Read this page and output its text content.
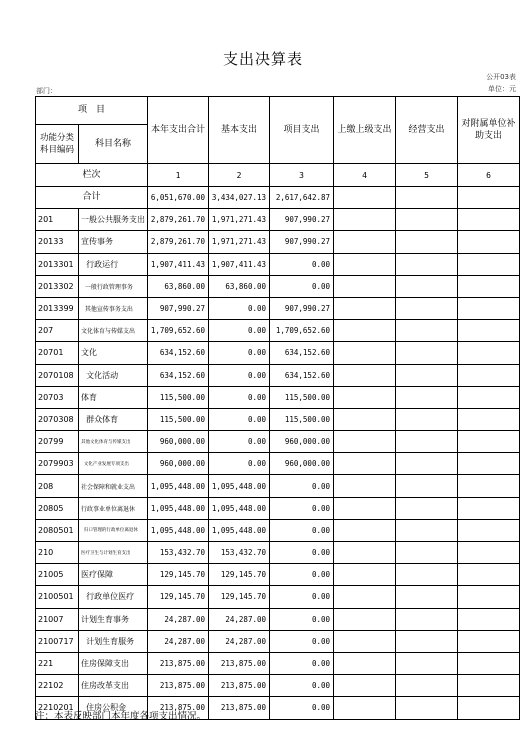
支出决算表
公开03表
单位：元
部门：
项　目		本年支出合计	基本支出	项目支出	上缴上级支出	经营支出	对附属单位补助支出
功能分类
科目编码	科目名称						
栏次		1	2	3	4	5	6
合计		6,051,670.00	3,434,027.13	2,617,642.87			
201	一般公共服务支出	2,879,261.70	1,971,271.43	907,990.27			
20133	宣传事务	2,879,261.70	1,971,271.43	907,990.27			
2013301	行政运行	1,907,411.43	1,907,411.43	0.00			
2013302	一般行政管理事务	63,860.00	63,860.00	0.00			
2013399	其他宣传事务支出	907,990.27	0.00	907,990.27			
207	文化体育与传媒支出	1,709,652.60	0.00	1,709,652.60			
20701	文化	634,152.60	0.00	634,152.60			
2070108	文化活动	634,152.60	0.00	634,152.60			
20703	体育	115,500.00	0.00	115,500.00			
2070308	群众体育	115,500.00	0.00	115,500.00			
20799	其他文化体育与传媒支出	960,000.00	0.00	960,000.00			
2079903	文化产业发展专项支出	960,000.00	0.00	960,000.00			
208	社会保障和就业支出	1,095,448.00	1,095,448.00	0.00			
20805	行政事业单位离退休	1,095,448.00	1,095,448.00	0.00			
2080501	归口管理的行政单位离退休	1,095,448.00	1,095,448.00	0.00			
210	医疗卫生与计划生育支出	153,432.70	153,432.70	0.00			
21005	医疗保障	129,145.70	129,145.70	0.00			
2100501	行政单位医疗	129,145.70	129,145.70	0.00			
21007	计划生育事务	24,287.00	24,287.00	0.00			
2100717	计划生育服务	24,287.00	24,287.00	0.00			
221	住房保障支出	213,875.00	213,875.00	0.00			
22102	住房改革支出	213,875.00	213,875.00	0.00			
2210201	住房公积金	213,875.00	213,875.00	0.00			
注：本表反映部门本年度各项支出情况。
